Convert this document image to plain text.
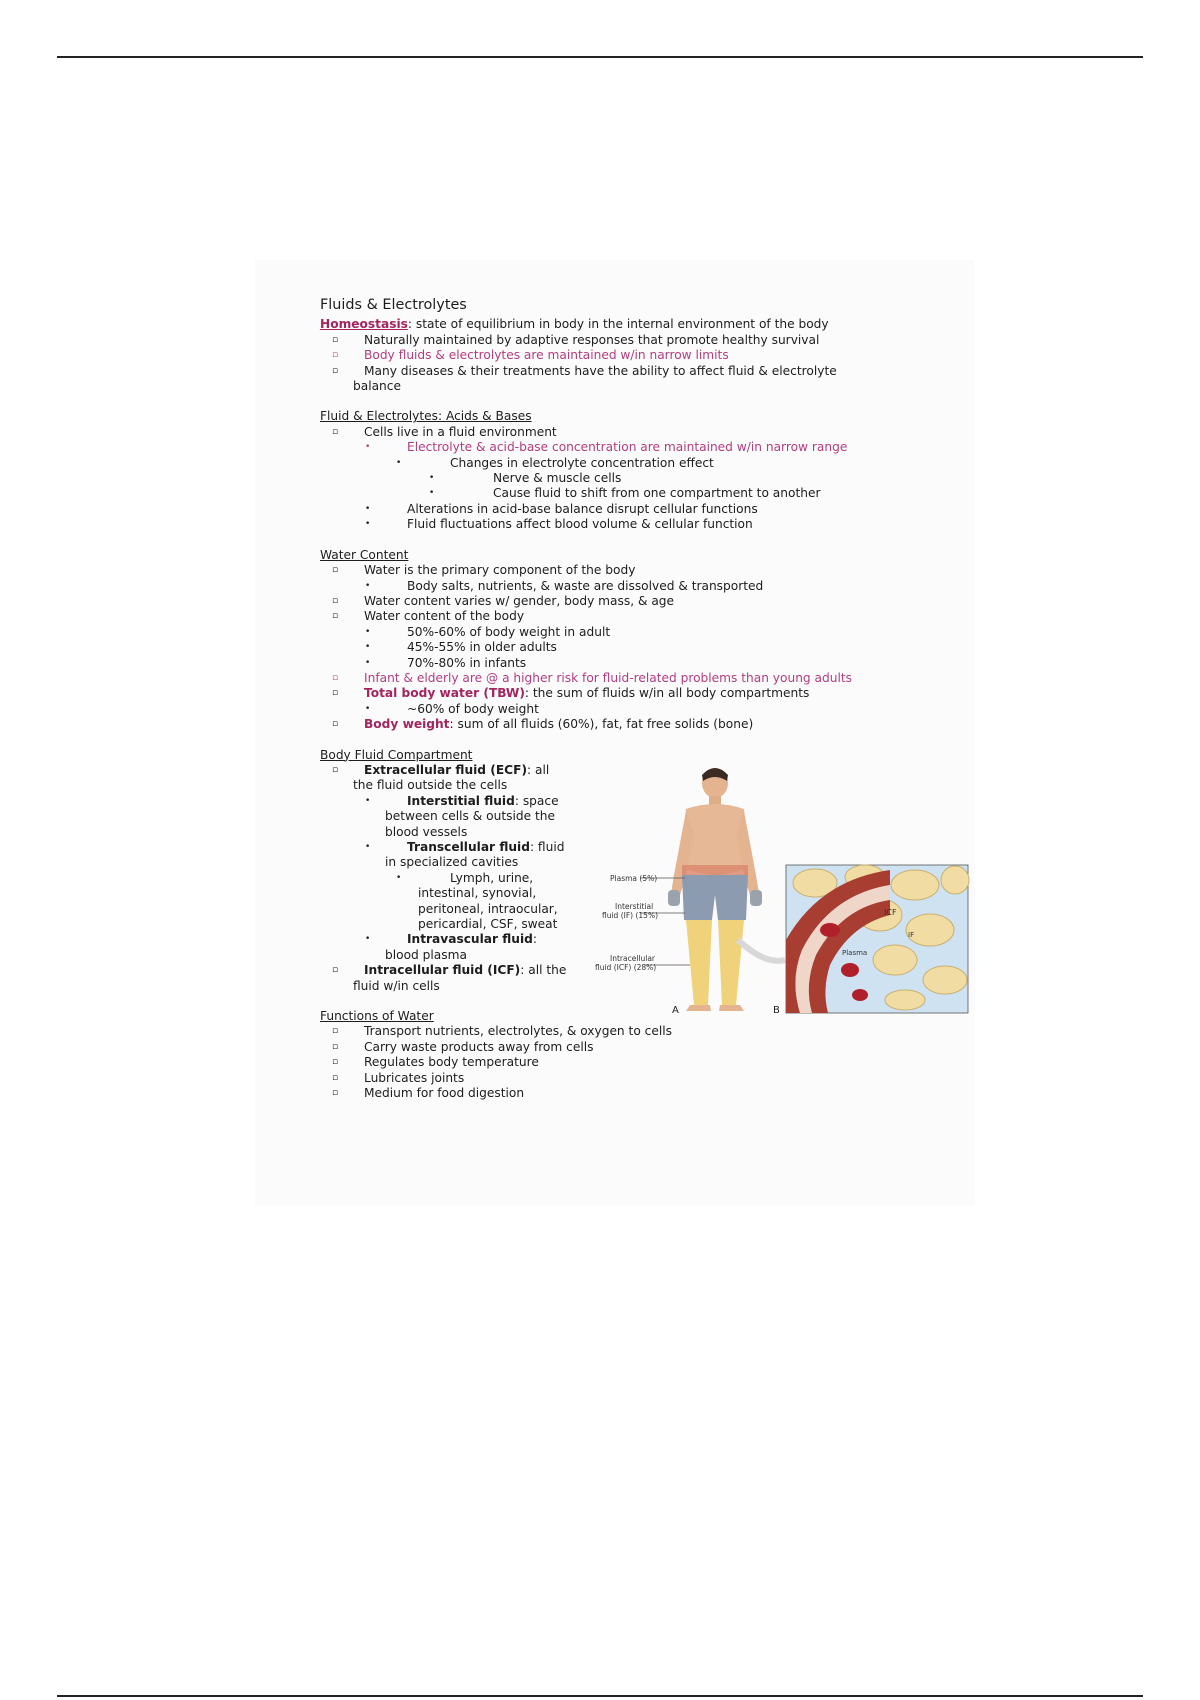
Fluids & Electrolytes
Homeostasis: state of equilibrium in body in the internal environment of the body
▫ Naturally maintained by adaptive responses that promote healthy survival
▫ Body fluids & electrolytes are maintained w/in narrow limits
▫ Many diseases & their treatments have the ability to affect fluid & electrolyte
balance
Fluid & Electrolytes: Acids & Bases
▫ Cells live in a fluid environment
•	Electrolyte & acid-base concentration are maintained w/in narrow range
•	Changes in electrolyte concentration effect
•	Nerve & muscle cells
•	Cause fluid to shift from one compartment to another
•	Alterations in acid-base balance disrupt cellular functions
•	Fluid fluctuations affect blood volume & cellular function
Water Content
▫ Water is the primary component of the body
•	Body salts, nutrients, & waste are dissolved & transported
▫ Water content varies w/ gender, body mass, & age
▫ Water content of the body
•	50%-60% of body weight in adult
•	45%-55% in older adults
•	70%-80% in infants
▫ Infant & elderly are @ a higher risk for fluid-related problems than young adults
▫ Total body water (TBW): the sum of fluids w/in all body compartments
•	~60% of body weight
▫ Body weight: sum of all fluids (60%), fat, fat free solids (bone)
Body Fluid Compartment
▫ Extracellular fluid (ECF): all
the fluid outside the cells
•	Interstitial fluid: space
between cells & outside the
blood vessels
•	Transcellular fluid: fluid
in specialized cavities
•	Lymph, urine,
intestinal, synovial,
peritoneal, intraocular,
pericardial, CSF, sweat
•	Intravascular fluid:
blood plasma
▫ Intracellular fluid (ICF): all the
fluid w/in cells
Functions of Water
▫ Transport nutrients, electrolytes, & oxygen to cells
▫ Carry waste products away from cells
▫ Regulates body temperature
▫ Lubricates joints
▫ Medium for food digestion
Plasma (5%)
Interstitial
fluid (IF) (15%)
Intracellular
fluid (ICF) (28%)
A	B
ICF
IF
Plasma
